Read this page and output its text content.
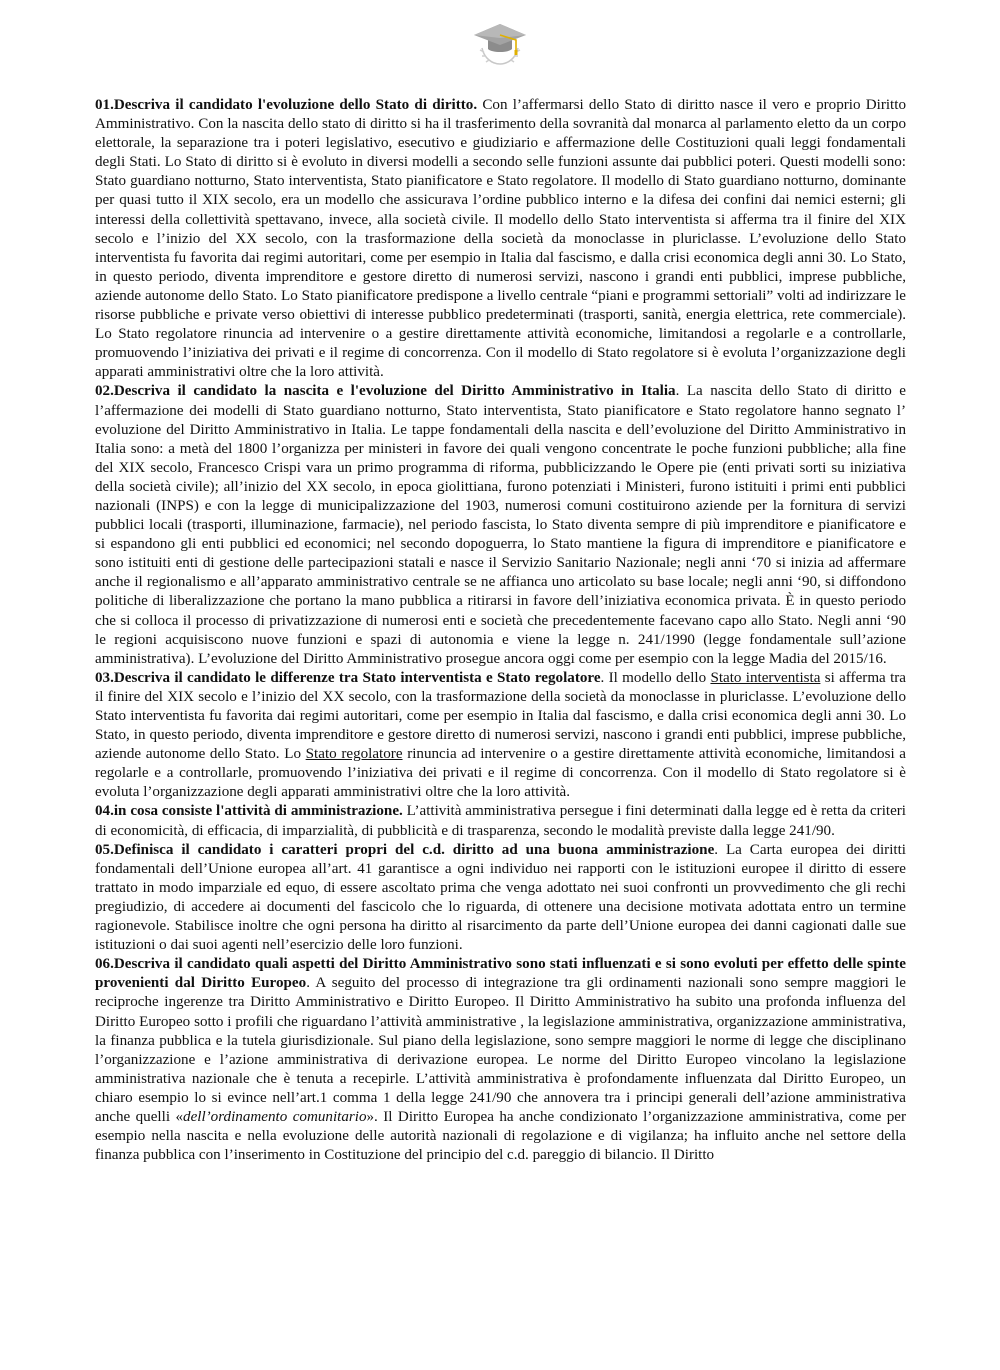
01.Descriva il candidato l'evoluzione dello Stato di diritto. Con l’affermarsi dello Stato di diritto nasce il vero e proprio Diritto Amministrativo. Con la nascita dello stato di diritto si ha il trasferimento della sovranità dal monarca al parlamento eletto da un corpo elettorale, la separazione tra i poteri legislativo, esecutivo e giudiziario e affermazione delle Costituzioni quali leggi fondamentali degli Stati. Lo Stato di diritto si è evoluto in diversi modelli a secondo selle funzioni assunte dai pubblici poteri. Questi modelli sono: Stato guardiano notturno, Stato interventista, Stato pianificatore e Stato regolatore. Il modello di Stato guardiano notturno, dominante per quasi tutto il XIX secolo, era un modello che assicurava l’ordine pubblico interno e la difesa dei confini dai nemici esterni; gli interessi della collettività spettavano, invece, alla società civile. Il modello dello Stato interventista si afferma tra il finire del XIX secolo e l’inizio del XX secolo, con la trasformazione della società da monoclasse in pluriclasse. L’evoluzione dello Stato interventista fu favorita dai regimi autoritari, come per esempio in Italia dal fascismo, e dalla crisi economica degli anni 30. Lo Stato, in questo periodo, diventa imprenditore e gestore diretto di numerosi servizi, nascono i grandi enti pubblici, imprese pubbliche, aziende autonome dello Stato. Lo Stato pianificatore predispone a livello centrale “piani e programmi settoriali” volti ad indirizzare le risorse pubbliche e private verso obiettivi di interesse pubblico predeterminati (trasporti, sanità, energia elettrica, rete commerciale). Lo Stato regolatore rinuncia ad intervenire o a gestire direttamente attività economiche, limitandosi a regolarle e a controllarle, promuovendo l’iniziativa dei privati e il regime di concorrenza. Con il modello di Stato regolatore si è evoluta l’organizzazione degli apparati amministrativi oltre che la loro attività.

02.Descriva il candidato la nascita e l'evoluzione del Diritto Amministrativo in Italia. La nascita dello Stato di diritto e l’affermazione dei modelli di Stato guardiano notturno, Stato interventista, Stato pianificatore e Stato regolatore hanno segnato l’ evoluzione del Diritto Amministrativo in Italia. Le tappe fondamentali della nascita e dell’evoluzione del Diritto Amministrativo in Italia sono: a metà del 1800 l’organizza per ministeri in favore dei quali vengono concentrate le poche funzioni pubbliche; alla fine del XIX secolo, Francesco Crispi vara un primo programma di riforma, pubblicizzando le Opere pie (enti privati sorti su iniziativa della società civile); all’inizio del XX secolo, in epoca giolittiana, furono potenziati i Ministeri, furono istituiti i primi enti pubblici nazionali (INPS) e con la legge di municipalizzazione del 1903, numerosi comuni costituirono aziende per la fornitura di servizi pubblici locali (trasporti, illuminazione, farmacie), nel periodo fascista, lo Stato diventa sempre di più imprenditore e pianificatore e si espandono gli enti pubblici ed economici; nel secondo dopoguerra, lo Stato mantiene la figura di imprenditore e pianificatore e sono istituiti enti di gestione delle partecipazioni statali e nasce il Servizio Sanitario Nazionale; negli anni ‘70 si inizia ad affermare anche il regionalismo e all’apparato amministrativo centrale se ne affianca uno articolato su base locale; negli anni ‘90, si diffondono politiche di liberalizzazione che portano la mano pubblica a ritirarsi in favore dell’iniziativa economica privata. È in questo periodo che si colloca il processo di privatizzazione di numerosi enti e società che precedentemente facevano capo allo Stato. Negli anni ‘90 le regioni acquisiscono nuove funzioni e spazi di autonomia e viene la legge n. 241/1990 (legge fondamentale sull’azione amministrativa). L’evoluzione del Diritto Amministrativo prosegue ancora oggi come per esempio con la legge Madia del 2015/16.

03.Descriva il candidato le differenze tra Stato interventista e Stato regolatore. Il modello dello Stato interventista si afferma tra il finire del XIX secolo e l’inizio del XX secolo, con la trasformazione della società da monoclasse in pluriclasse. L’evoluzione dello Stato interventista fu favorita dai regimi autoritari, come per esempio in Italia dal fascismo, e dalla crisi economica degli anni 30. Lo Stato, in questo periodo, diventa imprenditore e gestore diretto di numerosi servizi, nascono i grandi enti pubblici, imprese pubbliche, aziende autonome dello Stato. Lo Stato regolatore rinuncia ad intervenire o a gestire direttamente attività economiche, limitandosi a regolarle e a controllarle, promuovendo l’iniziativa dei privati e il regime di concorrenza. Con il modello di Stato regolatore si è evoluta l’organizzazione degli apparati amministrativi oltre che la loro attività.

04.in cosa consiste l'attività di amministrazione. L’attività amministrativa persegue i fini determinati dalla legge ed è retta da criteri di economicità, di efficacia, di imparzialità, di pubblicità e di trasparenza, secondo le modalità previste dalla legge 241/90.

05.Definisca il candidato i caratteri propri del c.d. diritto ad una buona amministrazione. La Carta europea dei diritti fondamentali dell’Unione europea all’art. 41 garantisce a ogni individuo nei rapporti con le istituzioni europee il diritto di essere trattato in modo imparziale ed equo, di essere ascoltato prima che venga adottato nei suoi confronti un provvedimento che gli rechi pregiudizio, di accedere ai documenti del fascicolo che lo riguarda, di ottenere una decisione motivata adottata entro un termine ragionevole. Stabilisce inoltre che ogni persona ha diritto al risarcimento da parte dell’Unione europea dei danni cagionati dalle sue istituzioni o dai suoi agenti nell’esercizio delle loro funzioni.

06.Descriva il candidato quali aspetti del Diritto Amministrativo sono stati influenzati e si sono evoluti per effetto delle spinte provenienti dal Diritto Europeo. A seguito del processo di integrazione tra gli ordinamenti nazionali sono sempre maggiori le reciproche ingerenze tra Diritto Amministrativo e Diritto Europeo. Il Diritto Amministrativo ha subito una profonda influenza del Diritto Europeo sotto i profili che riguardano l’attività amministrative , la legislazione amministrativa, organizzazione amministrativa, la finanza pubblica e la tutela giurisdizionale. Sul piano della legislazione, sono sempre maggiori le norme di legge che disciplinano l’organizzazione e l’azione amministrativa di derivazione europea. Le norme del Diritto Europeo vincolano la legislazione amministrativa nazionale che è tenuta a recepirle. L’attività amministrativa è profondamente influenzata dal Diritto Europeo, un chiaro esempio lo si evince nell’art.1 comma 1 della legge 241/90 che annovera tra i principi generali dell’azione amministrativa anche quelli «dell’ordinamento comunitario». Il Diritto Europea ha anche condizionato l’organizzazione amministrativa, come per esempio nella nascita e nella evoluzione delle autorità nazionali di regolazione e di vigilanza; ha influito anche nel settore della finanza pubblica con l’inserimento in Costituzione del principio del c.d. pareggio di bilancio. Il Diritto
